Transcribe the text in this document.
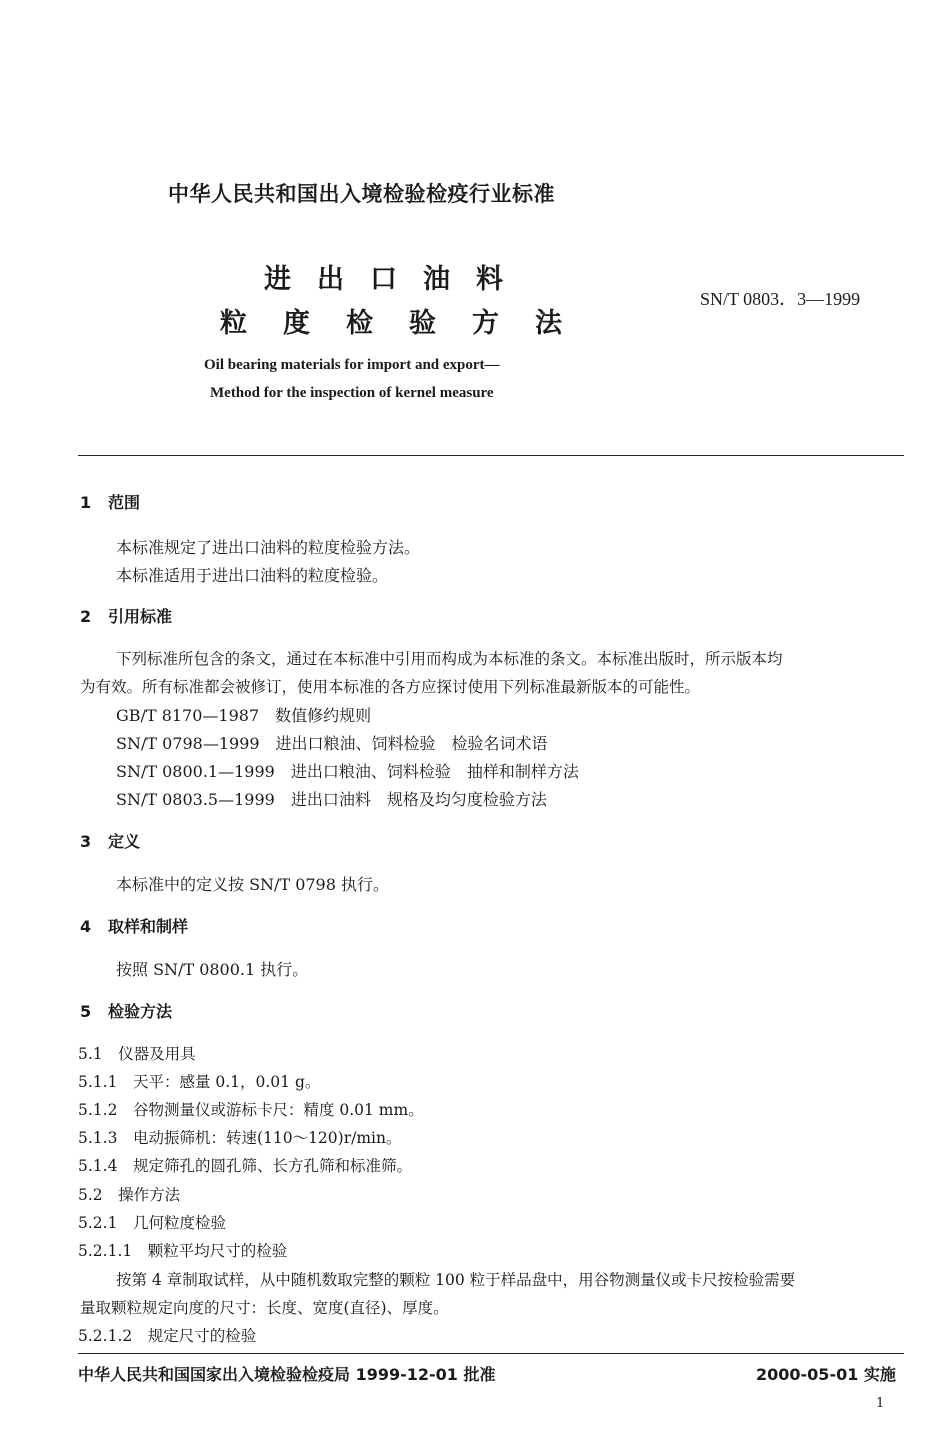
中华人民共和国出入境检验检疫行业标准
进出口油料
粒度检验方法
SN/T 0803．3—1999
Oil bearing materials for import and export—
Method for the inspection of kernel measure
1 范围
本标准规定了进出口油料的粒度检验方法。
本标准适用于进出口油料的粒度检验。
2 引用标准
下列标准所包含的条文，通过在本标准中引用而构成为本标准的条文。本标准出版时，所示版本均
为有效。所有标准都会被修订，使用本标准的各方应探讨使用下列标准最新版本的可能性。
GB/T 8170—1987　数值修约规则
SN/T 0798—1999　进出口粮油、饲料检验　检验名词术语
SN/T 0800.1—1999　进出口粮油、饲料检验　抽样和制样方法
SN/T 0803.5—1999　进出口油料　规格及均匀度检验方法
3 定义
本标准中的定义按 SN/T 0798 执行。
4 取样和制样
按照 SN/T 0800.1 执行。
5 检验方法
5.1　仪器及用具
5.1.1　天平：感量 0.1，0.01 g。
5.1.2　谷物测量仪或游标卡尺：精度 0.01 mm。
5.1.3　电动振筛机：转速(110～120)r/min。
5.1.4　规定筛孔的圆孔筛、长方孔筛和标准筛。
5.2　操作方法
5.2.1　几何粒度检验
5.2.1.1　颗粒平均尺寸的检验
按第 4 章制取试样，从中随机数取完整的颗粒 100 粒于样品盘中，用谷物测量仪或卡尺按检验需要
量取颗粒规定向度的尺寸：长度、宽度(直径)、厚度。
5.2.1.2　规定尺寸的检验
中华人民共和国国家出入境检验检疫局 1999-12-01 批准	2000-05-01 实施
1
